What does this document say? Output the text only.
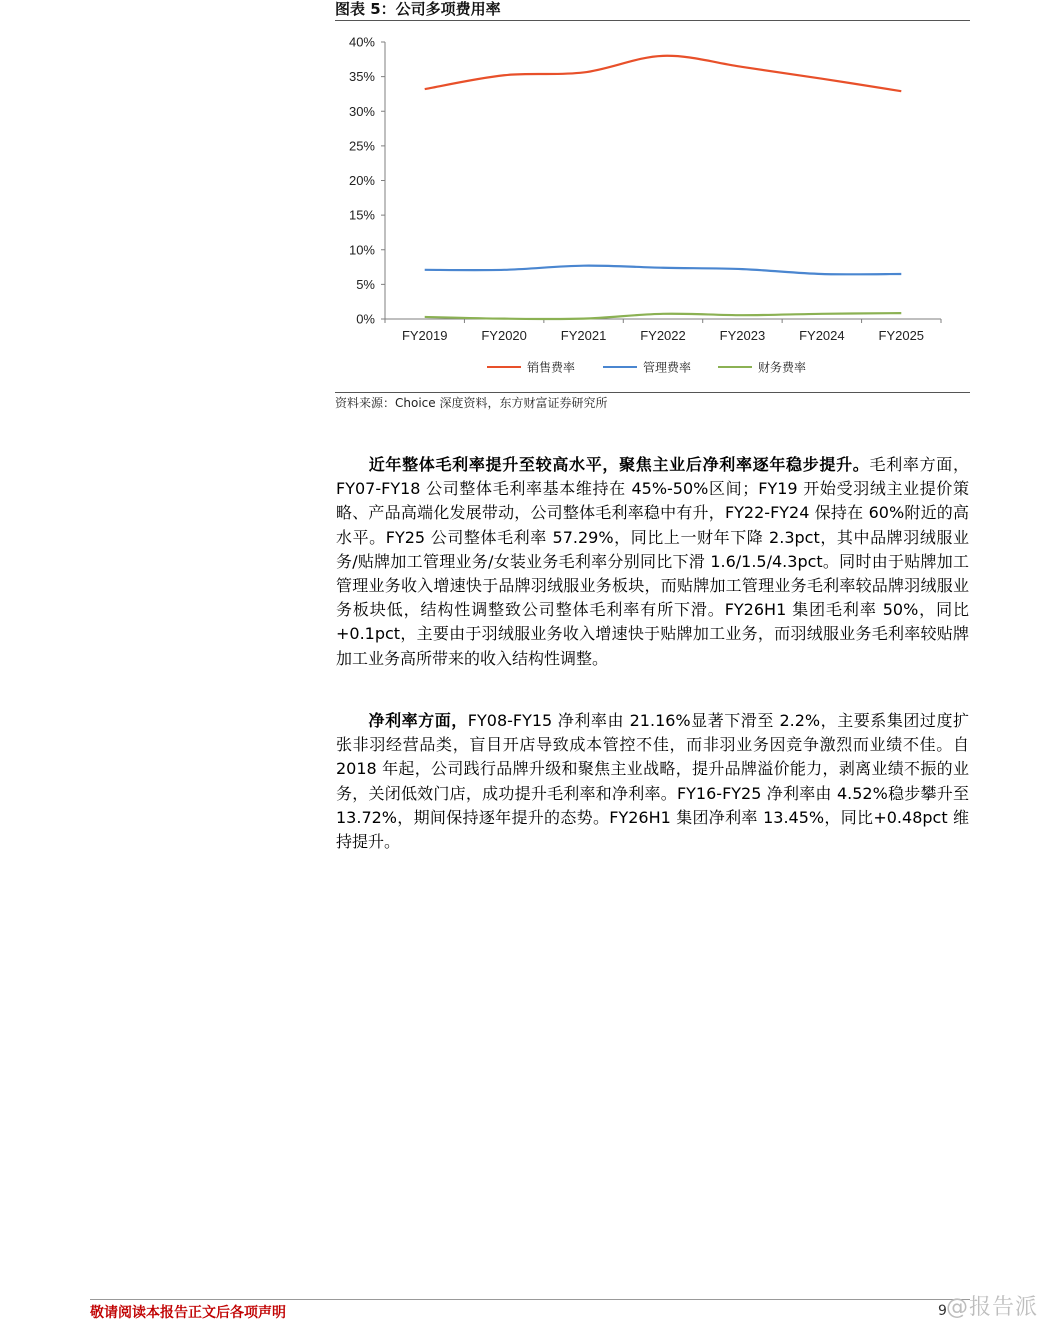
图表 5：公司多项费用率
0%
5%
10%
15%
20%
25%
30%
35%
40%
FY2019	FY2020	FY2021	FY2022	FY2023	FY2024	FY2025
销售费率	管理费率	财务费率
资料来源：Choice 深度资料，东方财富证券研究所
近年整体毛利率提升至较高水平，聚焦主业后净利率逐年稳步提升。毛利率方面，FY07-FY18 公司整体毛利率基本维持在 45%-50%区间；FY19 开始受羽绒主业提价策略、产品高端化发展带动，公司整体毛利率稳中有升，FY22-FY24 保持在 60%附近的高水平。FY25 公司整体毛利率 57.29%，同比上一财年下降 2.3pct，其中品牌羽绒服业务/贴牌加工管理业务/女装业务毛利率分别同比下滑 1.6/1.5/4.3pct。同时由于贴牌加工管理业务收入增速快于品牌羽绒服业务板块，而贴牌加工管理业务毛利率较品牌羽绒服业务板块低，结构性调整致公司整体毛利率有所下滑。FY26H1 集团毛利率 50%，同比+0.1pct，主要由于羽绒服业务收入增速快于贴牌加工业务，而羽绒服业务毛利率较贴牌加工业务高所带来的收入结构性调整。
净利率方面，FY08-FY15 净利率由 21.16%显著下滑至 2.2%，主要系集团过度扩张非羽经营品类，盲目开店导致成本管控不佳，而非羽业务因竞争激烈而业绩不佳。自 2018 年起，公司践行品牌升级和聚焦主业战略，提升品牌溢价能力，剥离业绩不振的业务，关闭低效门店，成功提升毛利率和净利率。FY16-FY25 净利率由 4.52%稳步攀升至 13.72%，期间保持逐年提升的态势。FY26H1 集团净利率 13.45%，同比+0.48pct 维持提升。
敬请阅读本报告正文后各项声明	9 @报告派
